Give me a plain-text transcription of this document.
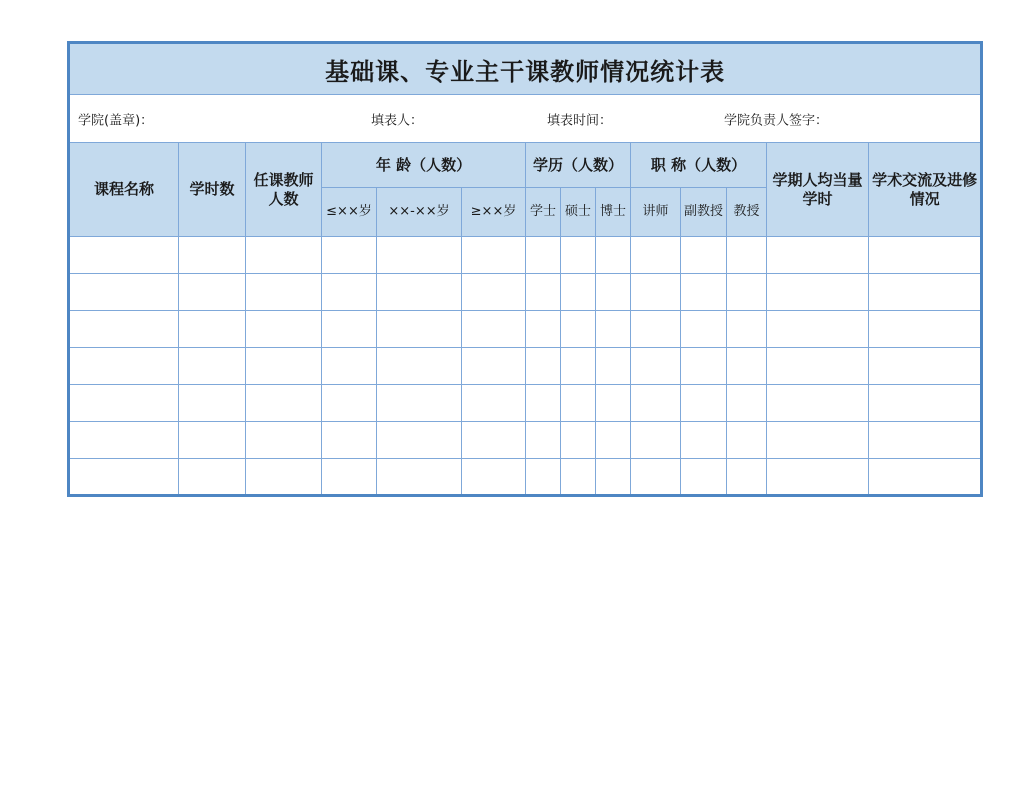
基础课、专业主干课教师情况统计表													

学院(盖章)： 填表人： 填表时间： 学院负责人签字：													

课程名称	学时数	任课教师人数	年 龄（人数）			学历（人数）			职 称（人数）			学期人均当量学时	学术交流及进修情况
			≤××岁	××-××岁	≥××岁	学士	硕士	博士	讲师	副教授	教授		
